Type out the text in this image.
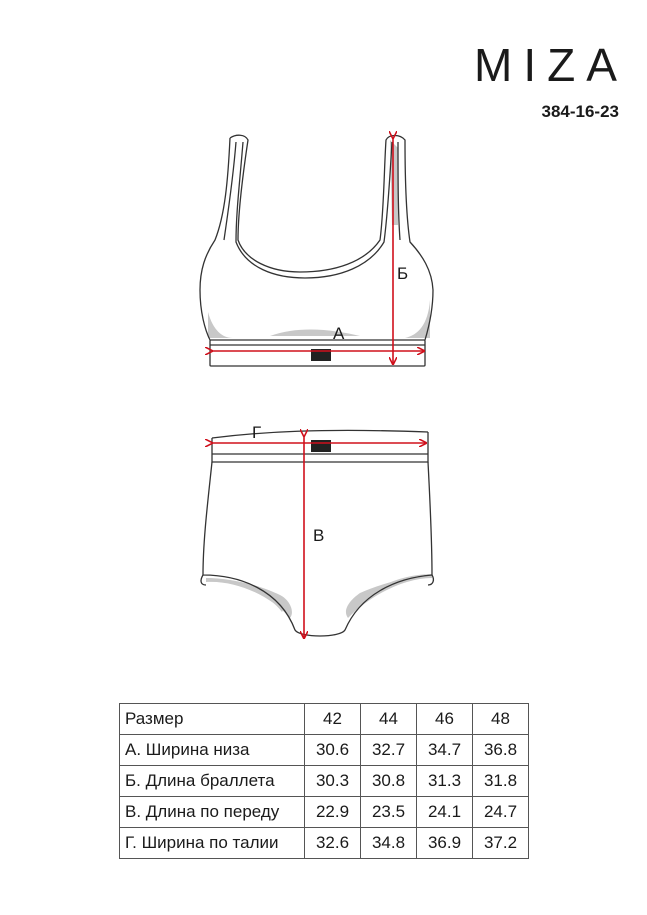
MIZA
384-16-23
А
Б
Г
В
Размер	42	44	46	48
А. Ширина низа	30.6	32.7	34.7	36.8
Б. Длина браллета	30.3	30.8	31.3	31.8
В. Длина по переду	22.9	23.5	24.1	24.7
Г. Ширина по талии	32.6	34.8	36.9	37.2
